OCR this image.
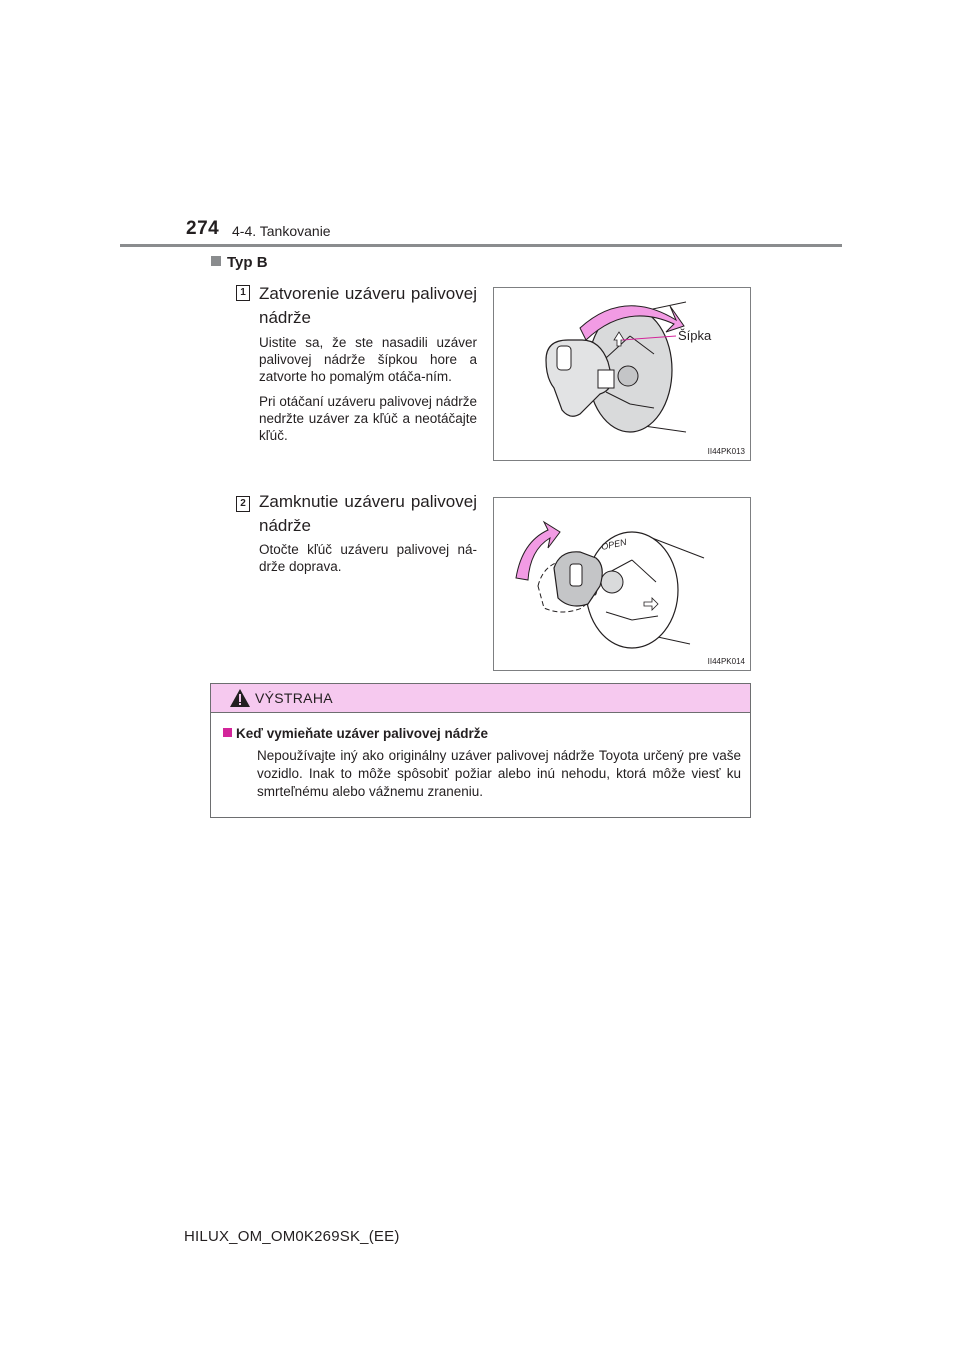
274 4-4. Tankovanie
Typ B
1 Zatvorenie uzáveru palivovej nádrže

Uistite sa, že ste nasadili uzáver palivovej nádrže šípkou hore a zatvorte ho pomalým otáča-ním.

Pri otáčaní uzáveru palivovej nádrže nedržte uzáver za kľúč a neotáčajte kľúč.

Šípka
II44PK013
2 Zamknutie uzáveru palivovej nádrže

Otočte kľúč uzáveru palivovej ná-drže doprava.

OPEN
II44PK014
VÝSTRAHA
Keď vymieňate uzáver palivovej nádrže
Nepoužívajte iný ako originálny uzáver palivovej nádrže Toyota určený pre vaše vozidlo. Inak to môže spôsobiť požiar alebo inú nehodu, ktorá môže viesť ku smrteľnému alebo vážnemu zraneniu.
HILUX_OM_OM0K269SK_(EE)
